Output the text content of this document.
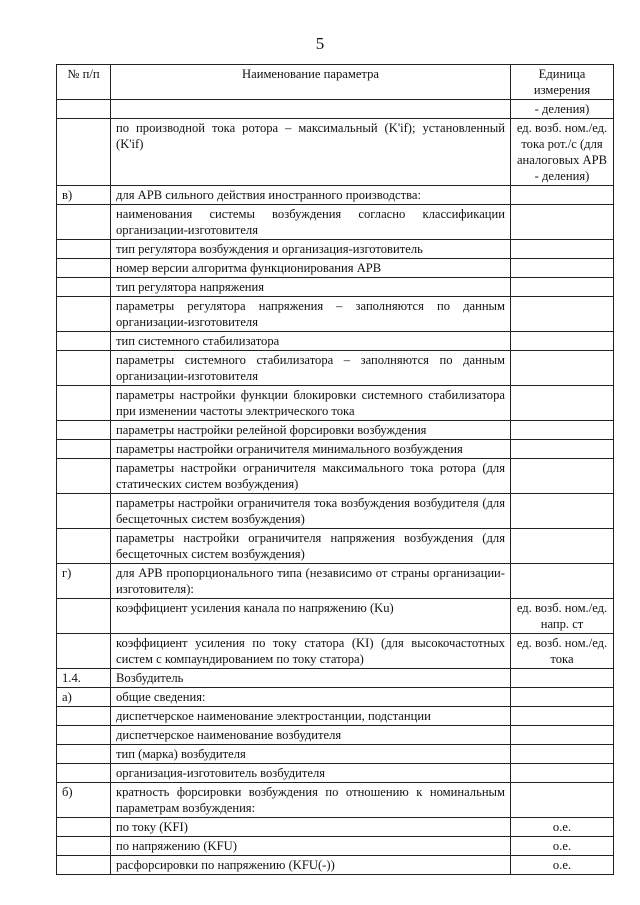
5
№ п/п	Наименование параметра	Единица измерения
		- деления)
	по производной тока ротора – максимальный (K'if); установленный (K'if)	ед. возб. ном./ед. тока рот./с (для аналоговых АРВ - деления)
в)	для АРВ сильного действия иностранного производства:	
	наименования системы возбуждения согласно классификации организации-изготовителя	
	тип регулятора возбуждения и организация-изготовитель	
	номер версии алгоритма функционирования АРВ	
	тип регулятора напряжения	
	параметры регулятора напряжения – заполняются по данным организации-изготовителя	
	тип системного стабилизатора	
	параметры системного стабилизатора – заполняются по данным организации-изготовителя	
	параметры настройки функции блокировки системного стабилизатора при изменении частоты электрического тока	
	параметры настройки релейной форсировки возбуждения	
	параметры настройки ограничителя минимального возбуждения	
	параметры настройки ограничителя максимального тока ротора (для статических систем возбуждения)	
	параметры настройки ограничителя тока возбуждения возбудителя (для бесщеточных систем возбуждения)	
	параметры настройки ограничителя напряжения возбуждения (для бесщеточных систем возбуждения)	
г)	для АРВ пропорционального типа (независимо от страны организации-изготовителя):	
	коэффициент усиления канала по напряжению (Ku)	ед. возб. ном./ед. напр. ст
	коэффициент усиления по току статора (KI) (для высокочастотных систем с компаундированием по току статора)	ед. возб. ном./ед. тока
1.4.	Возбудитель	
а)	общие сведения:	
	диспетчерское наименование электростанции, подстанции	
	диспетчерское наименование возбудителя	
	тип (марка) возбудителя	
	организация-изготовитель возбудителя	
б)	кратность форсировки возбуждения по отношению к номинальным параметрам возбуждения:	
	по току (KFI)	о.е.
	по напряжению (KFU)	о.е.
	расфорсировки по напряжению (KFU(-))	о.е.
